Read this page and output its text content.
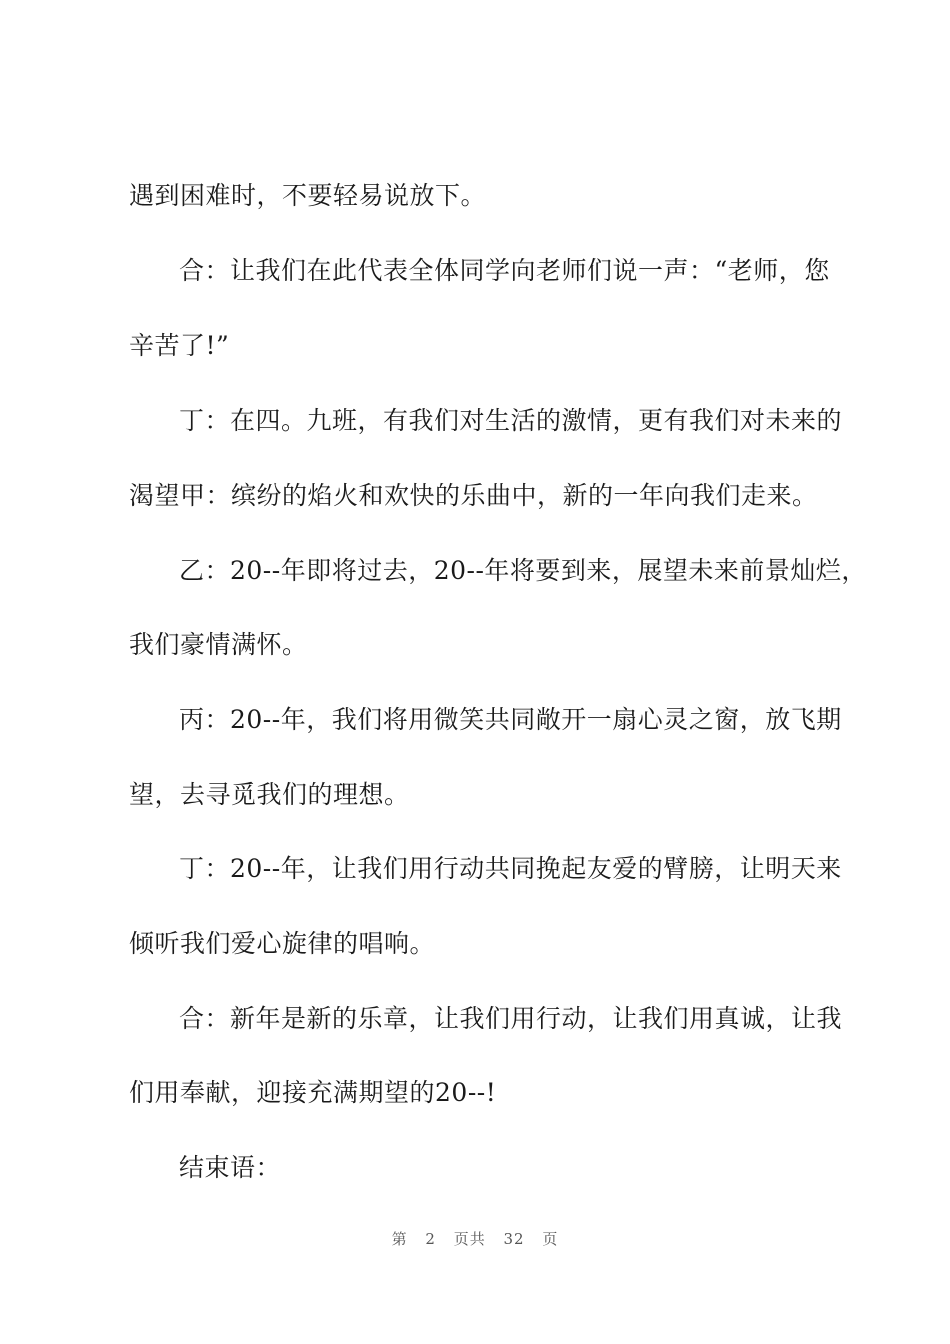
遇到困难时，不要轻易说放下。
合：让我们在此代表全体同学向老师们说一声：“老师，您
辛苦了!”
丁：在四。九班，有我们对生活的激情，更有我们对未来的
渴望甲：缤纷的焰火和欢快的乐曲中，新的一年向我们走来。
乙：20--年即将过去，20--年将要到来，展望未来前景灿烂，
我们豪情满怀。
丙：20--年，我们将用微笑共同敞开一扇心灵之窗，放飞期
望，去寻觅我们的理想。
丁：20--年，让我们用行动共同挽起友爱的臂膀，让明天来
倾听我们爱心旋律的唱响。
合：新年是新的乐章，让我们用行动，让我们用真诚，让我
们用奉献，迎接充满期望的20--!
结束语：
第 2 页共 32 页
